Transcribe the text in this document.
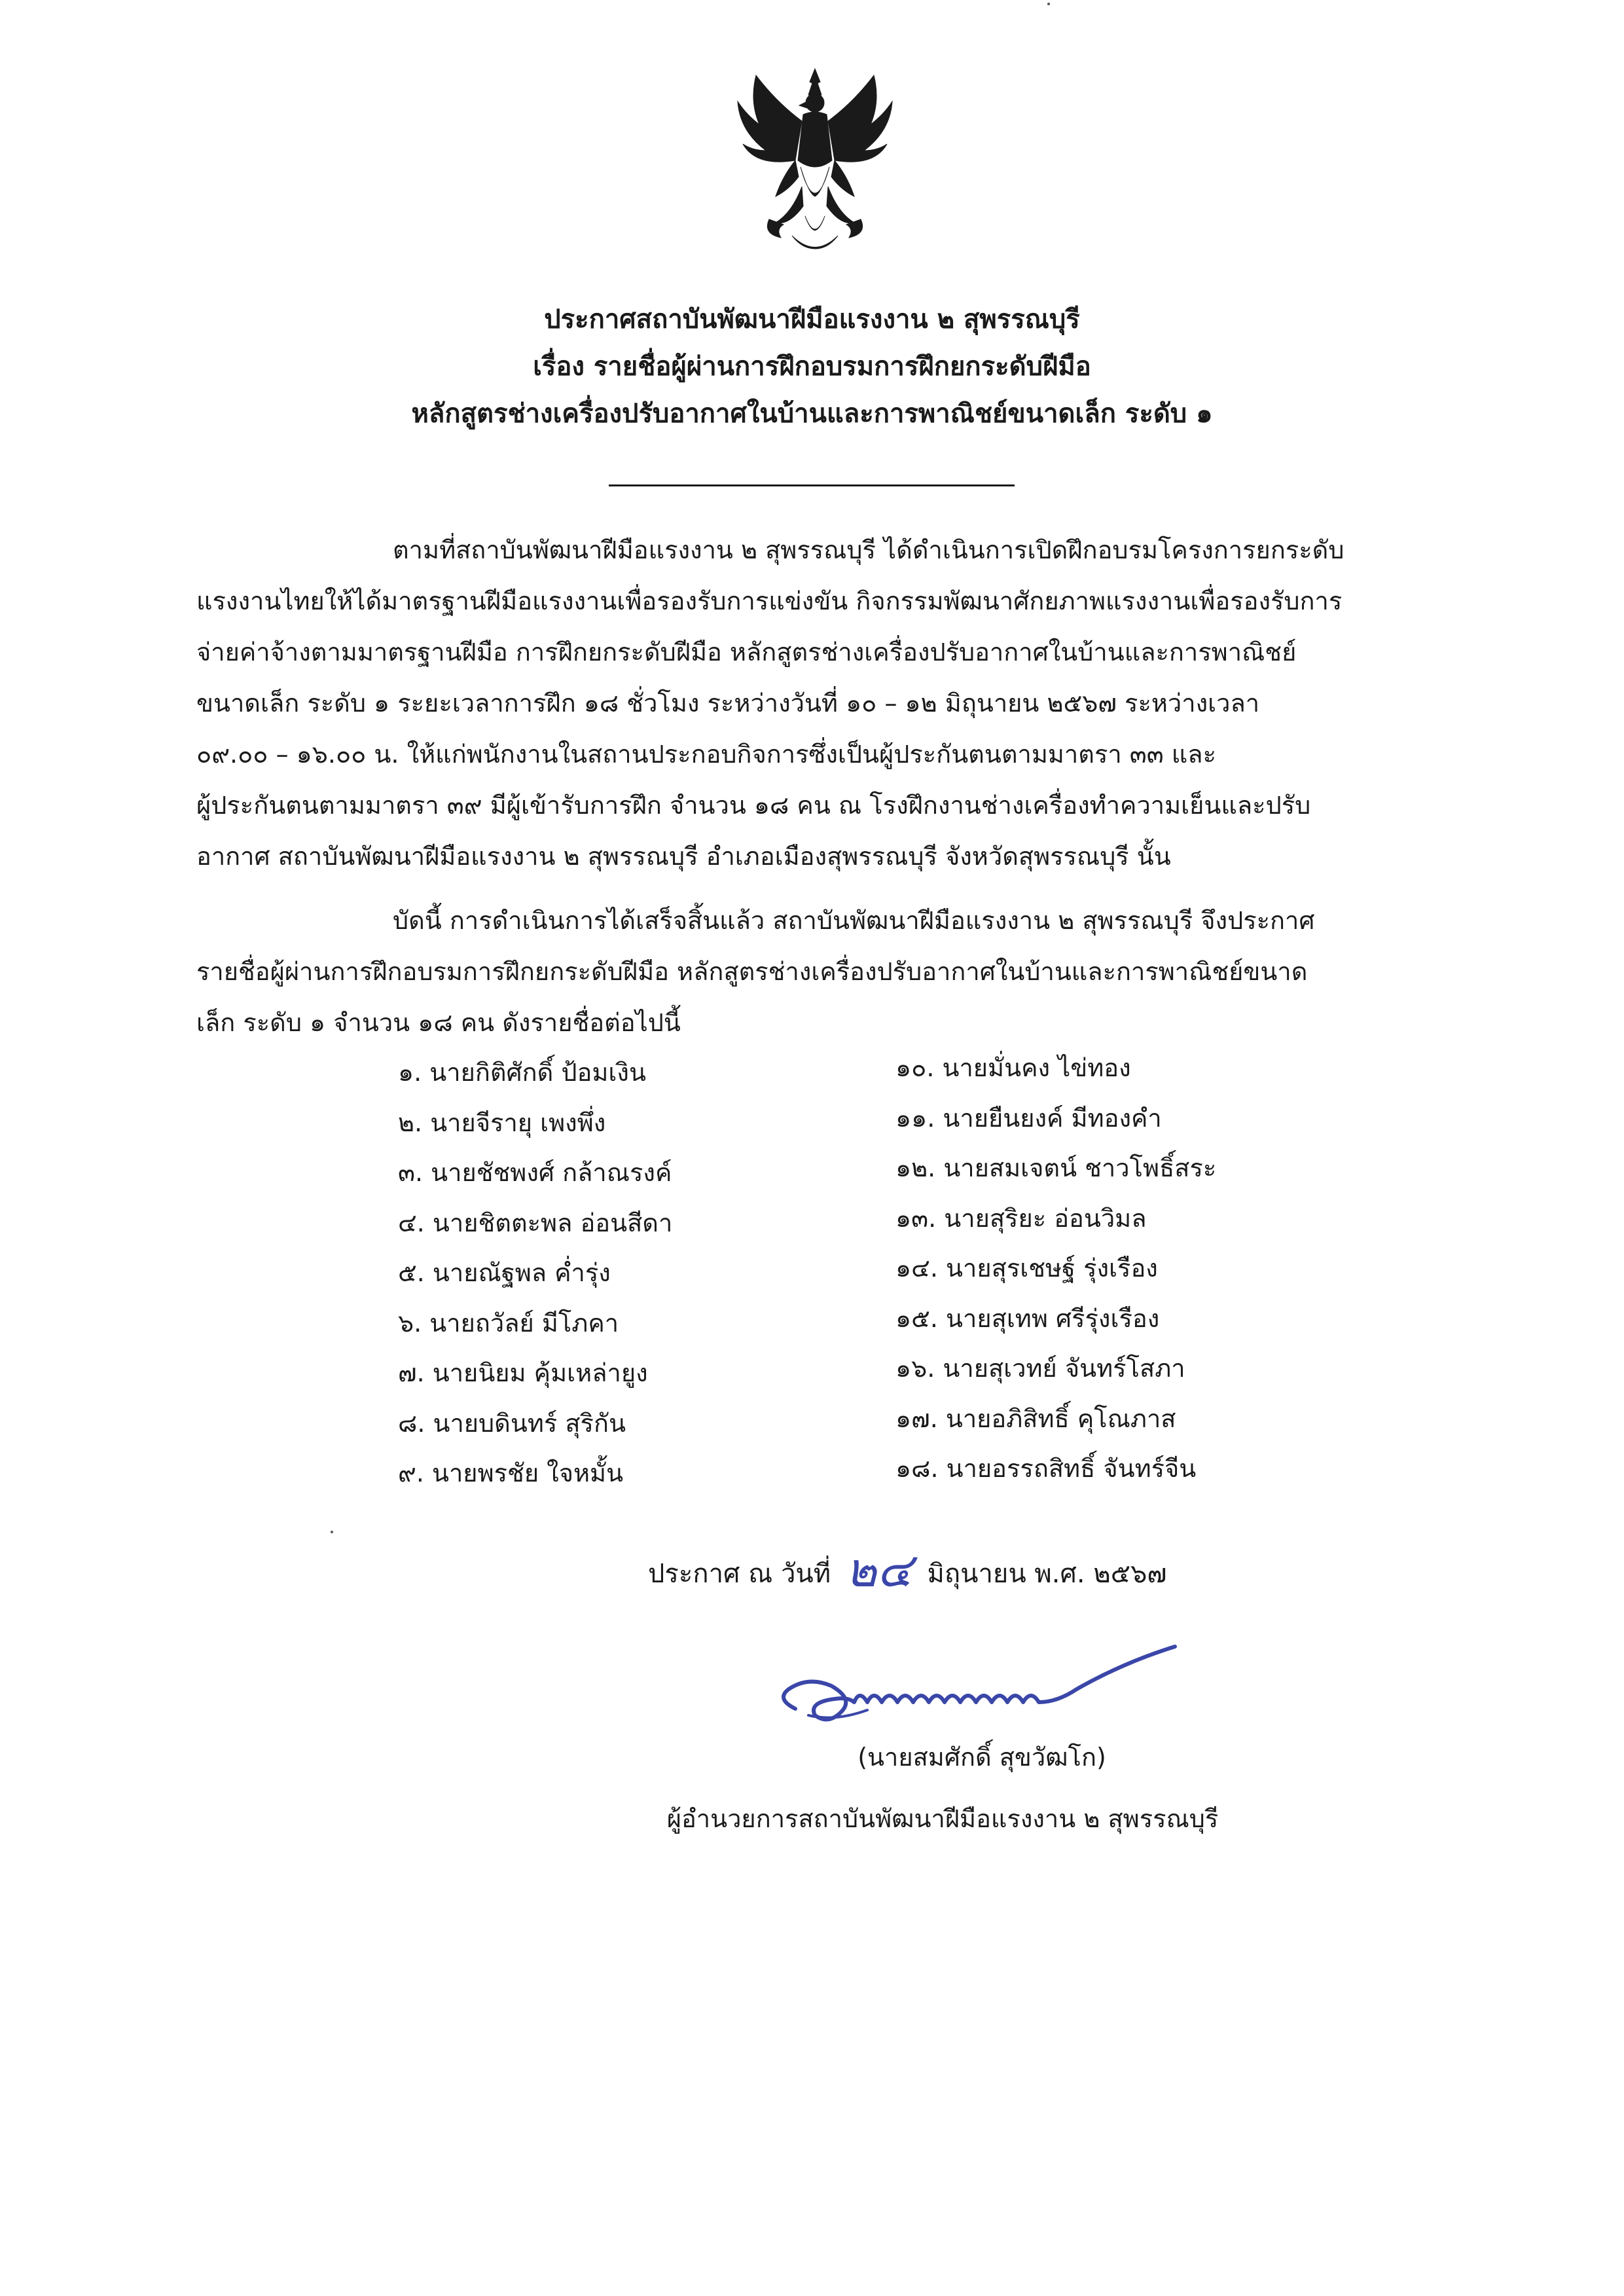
ประกาศสถาบันพัฒนาฝีมือแรงงาน ๒ สุพรรณบุรี
เรื่อง รายชื่อผู้ผ่านการฝึกอบรมการฝึกยกระดับฝีมือ
หลักสูตรช่างเครื่องปรับอากาศในบ้านและการพาณิชย์ขนาดเล็ก ระดับ ๑
ตามที่สถาบันพัฒนาฝีมือแรงงาน ๒ สุพรรณบุรี ได้ดำเนินการเปิดฝึกอบรมโครงการยกระดับ
แรงงานไทยให้ได้มาตรฐานฝีมือแรงงานเพื่อรองรับการแข่งขัน กิจกรรมพัฒนาศักยภาพแรงงานเพื่อรองรับการ
จ่ายค่าจ้างตามมาตรฐานฝีมือ การฝึกยกระดับฝีมือ หลักสูตรช่างเครื่องปรับอากาศในบ้านและการพาณิชย์
ขนาดเล็ก ระดับ ๑ ระยะเวลาการฝึก ๑๘ ชั่วโมง ระหว่างวันที่ ๑๐ – ๑๒ มิถุนายน ๒๕๖๗ ระหว่างเวลา
๐๙.๐๐ – ๑๖.๐๐ น. ให้แก่พนักงานในสถานประกอบกิจการซึ่งเป็นผู้ประกันตนตามมาตรา ๓๓ และ
ผู้ประกันตนตามมาตรา ๓๙ มีผู้เข้ารับการฝึก จำนวน ๑๘ คน ณ โรงฝึกงานช่างเครื่องทำความเย็นและปรับ
อากาศ สถาบันพัฒนาฝีมือแรงงาน ๒ สุพรรณบุรี อำเภอเมืองสุพรรณบุรี จังหวัดสุพรรณบุรี นั้น
บัดนี้ การดำเนินการได้เสร็จสิ้นแล้ว สถาบันพัฒนาฝีมือแรงงาน ๒ สุพรรณบุรี จึงประกาศ
รายชื่อผู้ผ่านการฝึกอบรมการฝึกยกระดับฝีมือ หลักสูตรช่างเครื่องปรับอากาศในบ้านและการพาณิชย์ขนาด
เล็ก ระดับ ๑ จำนวน ๑๘ คน ดังรายชื่อต่อไปนี้
๑. นายกิติศักดิ์ ป้อมเงิน
๒. นายจีรายุ เพงพึ่ง
๓. นายชัชพงศ์ กล้าณรงค์
๔. นายชิตตะพล อ่อนสีดา
๕. นายณัฐพล ค่ำรุ่ง
๖. นายถวัลย์ มีโภคา
๗. นายนิยม คุ้มเหล่ายูง
๘. นายบดินทร์ สุริกัน
๙. นายพรชัย ใจหมั้น
๑๐. นายมั่นคง ไข่ทอง
๑๑. นายยืนยงค์ มีทองคำ
๑๒. นายสมเจตน์ ชาวโพธิ์สระ
๑๓. นายสุริยะ อ่อนวิมล
๑๔. นายสุรเชษฐ์ รุ่งเรือง
๑๕. นายสุเทพ ศรีรุ่งเรือง
๑๖. นายสุเวทย์ จันทร์โสภา
๑๗. นายอภิสิทธิ์ คุโณภาส
๑๘. นายอรรถสิทธิ์ จันทร์จีน
ประกาศ ณ วันที่ ๒๔ มิถุนายน พ.ศ. ๒๕๖๗
(นายสมศักดิ์ สุขวัฒโก)
ผู้อำนวยการสถาบันพัฒนาฝีมือแรงงาน ๒ สุพรรณบุรี
